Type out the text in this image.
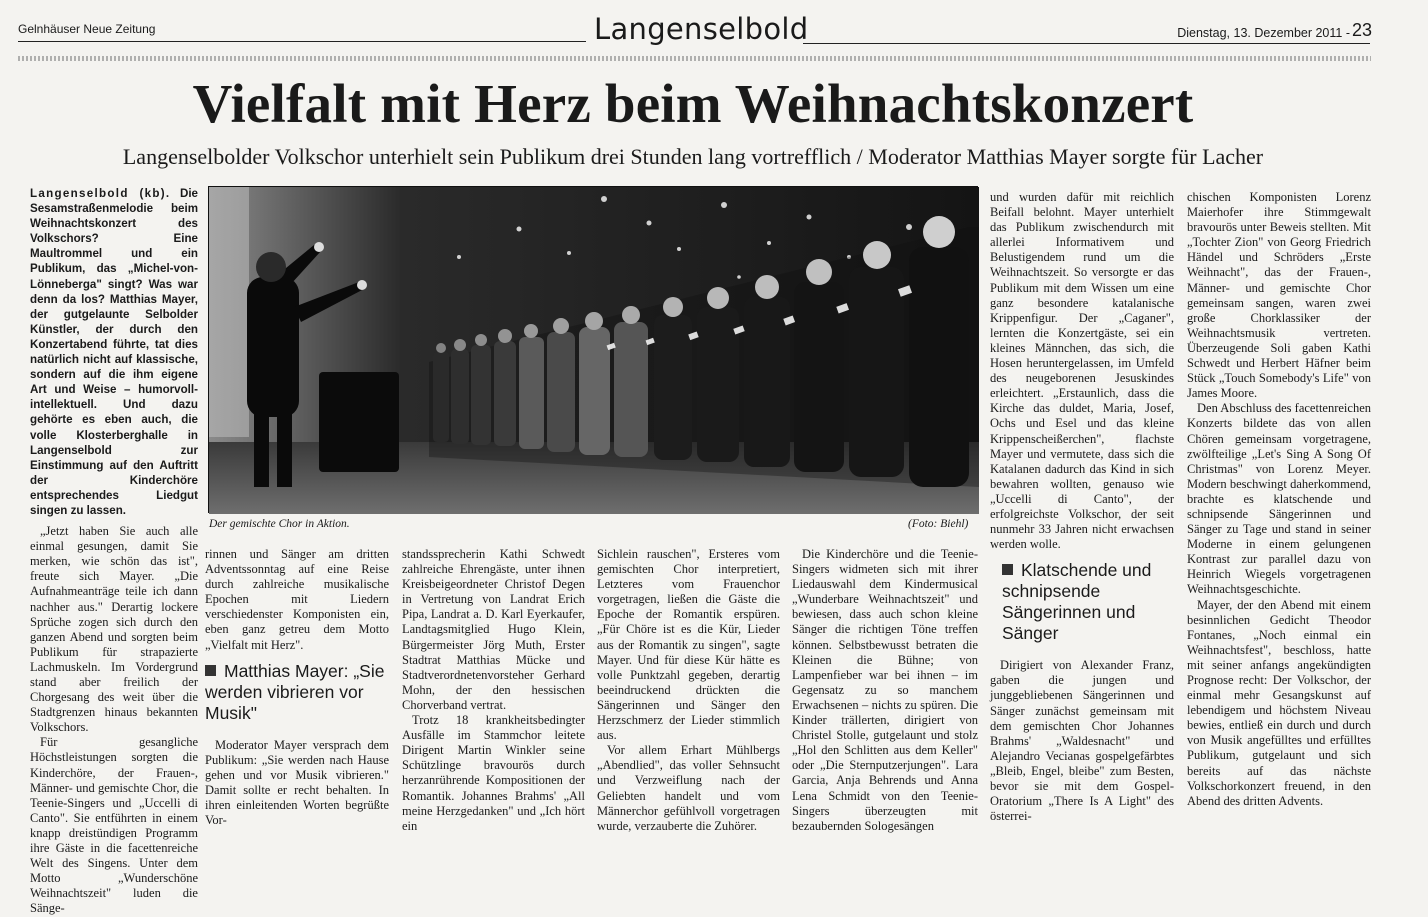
Gelnhäuser Neue Zeitung	Langenselbold	Dienstag, 13. Dezember 2011 - 23
Vielfalt mit Herz beim Weihnachtskonzert
Langenselbolder Volkschor unterhielt sein Publikum drei Stunden lang vortrefflich / Moderator Matthias Mayer sorgte für Lacher
Langenselbold (kb). Die Sesamstraßenmelodie beim Weihnachtskonzert des Volkschors? Eine Maultrommel und ein Publikum, das „Michel-von-Lönneberga" singt? Was war denn da los? Matthias Mayer, der gutgelaunte Selbolder Künstler, der durch den Konzertabend führte, tat dies natürlich nicht auf klassische, sondern auf die ihm eigene Art und Weise – humorvoll-intellektuell. Und dazu gehörte es eben auch, die volle Klosterberghalle in Langenselbold zur Einstimmung auf den Auftritt der Kinderchöre entsprechendes Liedgut singen zu lassen.

„Jetzt haben Sie auch alle einmal gesungen, damit Sie merken, wie schön das ist", freute sich Mayer. „Die Aufnahmeanträge teile ich dann nachher aus." Derartig lockere Sprüche zogen sich durch den ganzen Abend und sorgten beim Publikum für strapazierte Lachmuskeln. Im Vordergrund stand aber freilich der Chorgesang des weit über die Stadtgrenzen hinaus bekannten Volkschors.

Für gesangliche Höchstleistungen sorgten die Kinderchöre, der Frauen-, Männer- und gemischte Chor, die Teenie-Singers und „Uccelli di Canto". Sie entführten in einem knapp dreistündigen Programm ihre Gäste in die facettenreiche Welt des Singens. Unter dem Motto „Wunderschöne Weihnachtszeit" luden die Sänge-

Der gemischte Chor in Aktion.	(Foto: Biehl)

rinnen und Sänger am dritten Adventssonntag auf eine Reise durch zahlreiche musikalische Epochen mit Liedern verschiedenster Komponisten ein, eben ganz getreu dem Motto „Vielfalt mit Herz".

Matthias Mayer: „Sie werden vibrieren vor Musik"

Moderator Mayer versprach dem Publikum: „Sie werden nach Hause gehen und vor Musik vibrieren." Damit sollte er recht behalten. In ihren einleitenden Worten begrüßte Vor-

standssprecherin Kathi Schwedt zahlreiche Ehrengäste, unter ihnen Kreisbeigeordneter Christof Degen in Vertretung von Landrat Erich Pipa, Landrat a. D. Karl Eyerkaufer, Landtagsmitglied Hugo Klein, Bürgermeister Jörg Muth, Erster Stadtrat Matthias Mücke und Stadtverordnetenvorsteher Gerhard Mohn, der den hessischen Chorverband vertrat.

Trotz 18 krankheitsbedingter Ausfälle im Stammchor leitete Dirigent Martin Winkler seine Schützlinge bravourös durch herzanrührende Kompositionen der Romantik. Johannes Brahms' „All meine Herzgedanken" und „Ich hört ein

Sichlein rauschen", Ersteres vom gemischten Chor interpretiert, Letzteres vom Frauenchor vorgetragen, ließen die Gäste die Epoche der Romantik erspüren. „Für Chöre ist es die Kür, Lieder aus der Romantik zu singen", sagte Mayer. Und für diese Kür hätte es volle Punktzahl gegeben, derartig beeindruckend drückten die Sängerinnen und Sänger den Herzschmerz der Lieder stimmlich aus.

Vor allem Erhart Mühlbergs „Abendlied", das voller Sehnsucht und Verzweiflung nach der Geliebten handelt und vom Männerchor gefühlvoll vorgetragen wurde, verzauberte die Zuhörer.

Die Kinderchöre und die Teenie-Singers widmeten sich mit ihrer Liedauswahl dem Kindermusical „Wunderbare Weihnachtszeit" und bewiesen, dass auch schon kleine Sänger die richtigen Töne treffen können. Selbstbewusst betraten die Kleinen die Bühne; von Lampenfieber war bei ihnen – im Gegensatz zu so manchem Erwachsenen – nichts zu spüren. Die Kinder trällerten, dirigiert von Christel Stolle, gutgelaunt und stolz „Hol den Schlitten aus dem Keller" oder „Die Sternputzerjungen". Lara Garcia, Anja Behrends und Anna Lena Schmidt von den Teenie-Singers überzeugten mit bezaubernden Sologesängen

und wurden dafür mit reichlich Beifall belohnt. Mayer unterhielt das Publikum zwischendurch mit allerlei Informativem und Belustigendem rund um die Weihnachtszeit. So versorgte er das Publikum mit dem Wissen um eine ganz besondere katalanische Krippenfigur. Der „Caganer", lernten die Konzertgäste, sei ein kleines Männchen, das sich, die Hosen heruntergelassen, im Umfeld des neugeborenen Jesuskindes erleichtert. „Erstaunlich, dass die Kirche das duldet, Maria, Josef, Ochs und Esel und das kleine Krippenscheißerchen", flachste Mayer und vermutete, dass sich die Katalanen dadurch das Kind in sich bewahren wollten, genauso wie „Uccelli di Canto", der erfolgreichste Volkschor, der seit nunmehr 33 Jahren nicht erwachsen werden wolle.

Klatschende und schnipsende Sängerinnen und Sänger

Dirigiert von Alexander Franz, gaben die jungen und junggebliebenen Sängerinnen und Sänger zunächst gemeinsam mit dem gemischten Chor Johannes Brahms' „Waldesnacht" und Alejandro Vecianas gospelgefärbtes „Bleib, Engel, bleibe" zum Besten, bevor sie mit dem Gospel-Oratorium „There Is A Light" des österrei-

chischen Komponisten Lorenz Maierhofer ihre Stimmgewalt bravourös unter Beweis stellten. Mit „Tochter Zion" von Georg Friedrich Händel und Schröders „Erste Weihnacht", das der Frauen-, Männer- und gemischte Chor gemeinsam sangen, waren zwei große Chorklassiker der Weihnachtsmusik vertreten. Überzeugende Soli gaben Kathi Schwedt und Herbert Häfner beim Stück „Touch Somebody's Life" von James Moore.

Den Abschluss des facettenreichen Konzerts bildete das von allen Chören gemeinsam vorgetragene, zwölfteilige „Let's Sing A Song Of Christmas" von Lorenz Meyer. Modern beschwingt daherkommend, brachte es klatschende und schnipsende Sängerinnen und Sänger zu Tage und stand in seiner Moderne in einem gelungenen Kontrast zur parallel dazu von Heinrich Wiegels vorgetragenen Weihnachtsgeschichte.

Mayer, der den Abend mit einem besinnlichen Gedicht Theodor Fontanes, „Noch einmal ein Weihnachtsfest", beschloss, hatte mit seiner anfangs angekündigten Prognose recht: Der Volkschor, der einmal mehr Gesangskunst auf lebendigem und höchstem Niveau bewies, entließ ein durch und durch von Musik angefülltes und erfülltes Publikum, gutgelaunt und sich bereits auf das nächste Volkschorkonzert freuend, in den Abend des dritten Advents.
